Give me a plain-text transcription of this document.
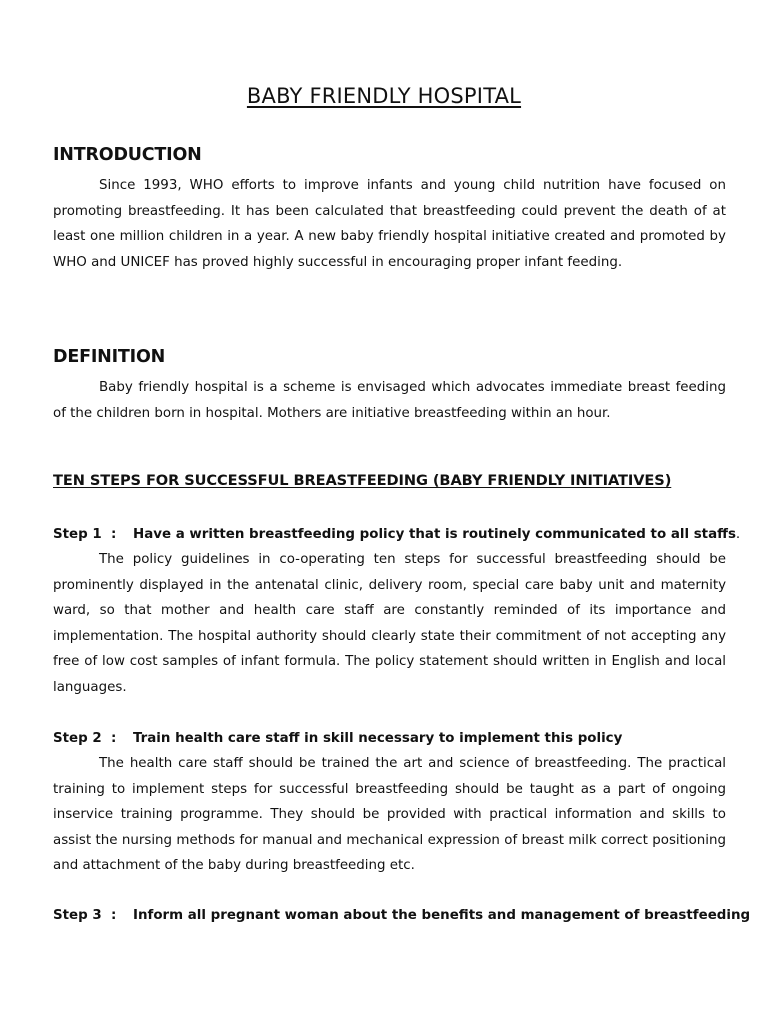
BABY FRIENDLY HOSPITAL
INTRODUCTION

Since 1993, WHO efforts to improve infants and young child nutrition have focused on promoting breastfeeding. It has been calculated that breastfeeding could prevent the death of at least one million children in a year. A new baby friendly hospital initiative created and promoted by WHO and UNICEF has proved highly successful in encouraging proper infant feeding.

DEFINITION

Baby friendly hospital is a scheme is envisaged which advocates immediate breast feeding of the children born in hospital. Mothers are initiative breastfeeding within an hour.

TEN STEPS FOR SUCCESSFUL BREASTFEEDING (BABY FRIENDLY INITIATIVES)
Step 1 : Have a written breastfeeding policy that is routinely communicated to all staffs.

The policy guidelines in co-operating ten steps for successful breastfeeding should be prominently displayed in the antenatal clinic, delivery room, special care baby unit and maternity ward, so that mother and health care staff are constantly reminded of its importance and implementation. The hospital authority should clearly state their commitment of not accepting any free of low cost samples of infant formula. The policy statement should written in English and local languages.

Step 2 : Train health care staff in skill necessary to implement this policy

The health care staff should be trained the art and science of breastfeeding. The practical training to implement steps for successful breastfeeding should be taught as a part of ongoing inservice training programme. They should be provided with practical information and skills to assist the nursing methods for manual and mechanical expression of breast milk correct positioning and attachment of the baby during breastfeeding etc.

Step 3 : Inform all pregnant woman about the benefits and management of breastfeeding
